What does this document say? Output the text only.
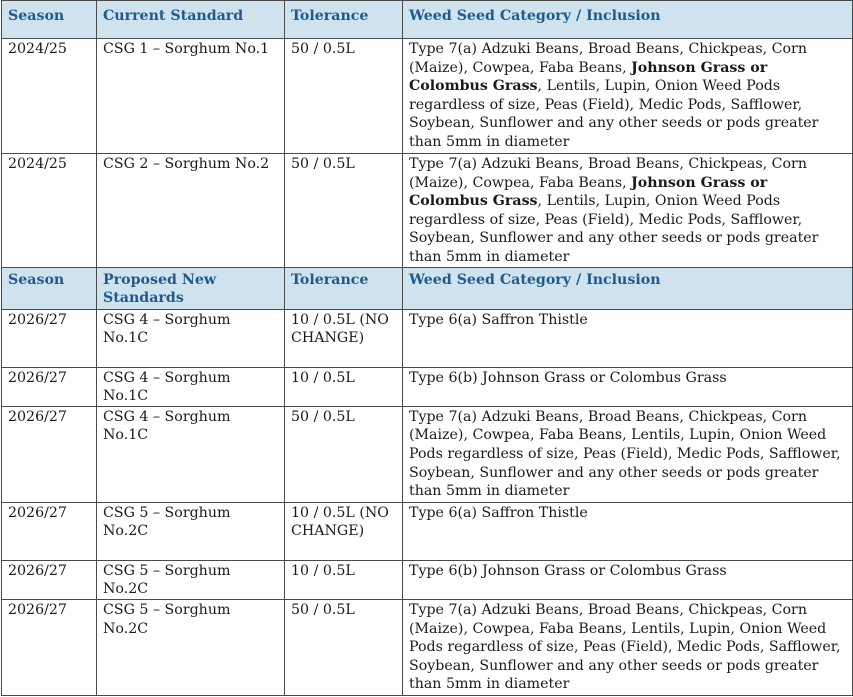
Season	Current Standard	Tolerance	Weed Seed Category / Inclusion
2024/25	CSG 1 – Sorghum No.1	50 / 0.5L	Type 7(a) Adzuki Beans, Broad Beans, Chickpeas, Corn (Maize), Cowpea, Faba Beans, Johnson Grass or Colombus Grass, Lentils, Lupin, Onion Weed Pods regardless of size, Peas (Field), Medic Pods, Safflower, Soybean, Sunflower and any other seeds or pods greater than 5mm in diameter
2024/25	CSG 2 – Sorghum No.2	50 / 0.5L	Type 7(a) Adzuki Beans, Broad Beans, Chickpeas, Corn (Maize), Cowpea, Faba Beans, Johnson Grass or Colombus Grass, Lentils, Lupin, Onion Weed Pods regardless of size, Peas (Field), Medic Pods, Safflower, Soybean, Sunflower and any other seeds or pods greater than 5mm in diameter
Season	Proposed New Standards	Tolerance	Weed Seed Category / Inclusion
2026/27	CSG 4 – Sorghum No.1C	10 / 0.5L (NO CHANGE)	Type 6(a) Saffron Thistle
2026/27	CSG 4 – Sorghum No.1C	10 / 0.5L	Type 6(b) Johnson Grass or Colombus Grass
2026/27	CSG 4 – Sorghum No.1C	50 / 0.5L	Type 7(a) Adzuki Beans, Broad Beans, Chickpeas, Corn (Maize), Cowpea, Faba Beans, Lentils, Lupin, Onion Weed Pods regardless of size, Peas (Field), Medic Pods, Safflower, Soybean, Sunflower and any other seeds or pods greater than 5mm in diameter
2026/27	CSG 5 – Sorghum No.2C	10 / 0.5L (NO CHANGE)	Type 6(a) Saffron Thistle
2026/27	CSG 5 – Sorghum No.2C	10 / 0.5L	Type 6(b) Johnson Grass or Colombus Grass
2026/27	CSG 5 – Sorghum No.2C	50 / 0.5L	Type 7(a) Adzuki Beans, Broad Beans, Chickpeas, Corn (Maize), Cowpea, Faba Beans, Lentils, Lupin, Onion Weed Pods regardless of size, Peas (Field), Medic Pods, Safflower, Soybean, Sunflower and any other seeds or pods greater than 5mm in diameter
